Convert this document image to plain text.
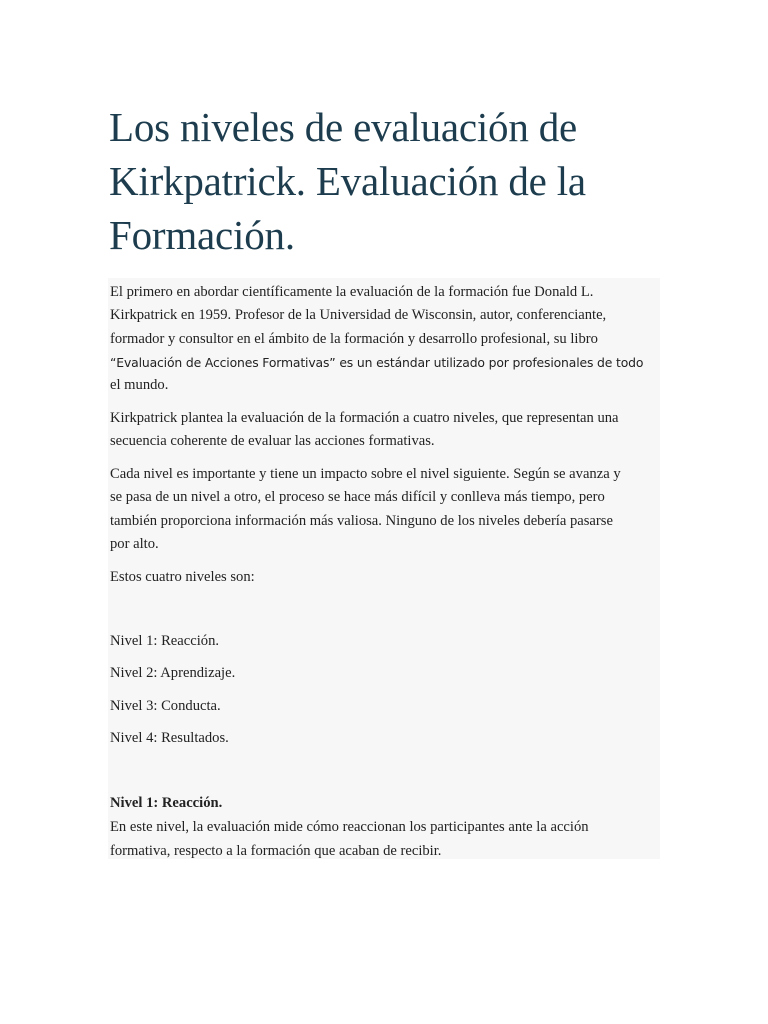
Los niveles de evaluación de
Kirkpatrick. Evaluación de la
Formación.

El primero en abordar científicamente la evaluación de la formación fue Donald L.

Kirkpatrick en 1959. Profesor de la Universidad de Wisconsin, autor, conferenciante,

formador y consultor en el ámbito de la formación y desarrollo profesional, su libro

“Evaluación de Acciones Formativas” es un estándar utilizado por profesionales de todo

el mundo.

Kirkpatrick plantea la evaluación de la formación a cuatro niveles, que representan una

secuencia coherente de evaluar las acciones formativas.

Cada nivel es importante y tiene un impacto sobre el nivel siguiente. Según se avanza y

se pasa de un nivel a otro, el proceso se hace más difícil y conlleva más tiempo, pero

también proporciona información más valiosa. Ninguno de los niveles debería pasarse

por alto.

Estos cuatro niveles son:

Nivel 1: Reacción.

Nivel 2: Aprendizaje.

Nivel 3: Conducta.

Nivel 4: Resultados.

Nivel 1: Reacción.

En este nivel, la evaluación mide cómo reaccionan los participantes ante la acción

formativa, respecto a la formación que acaban de recibir.
